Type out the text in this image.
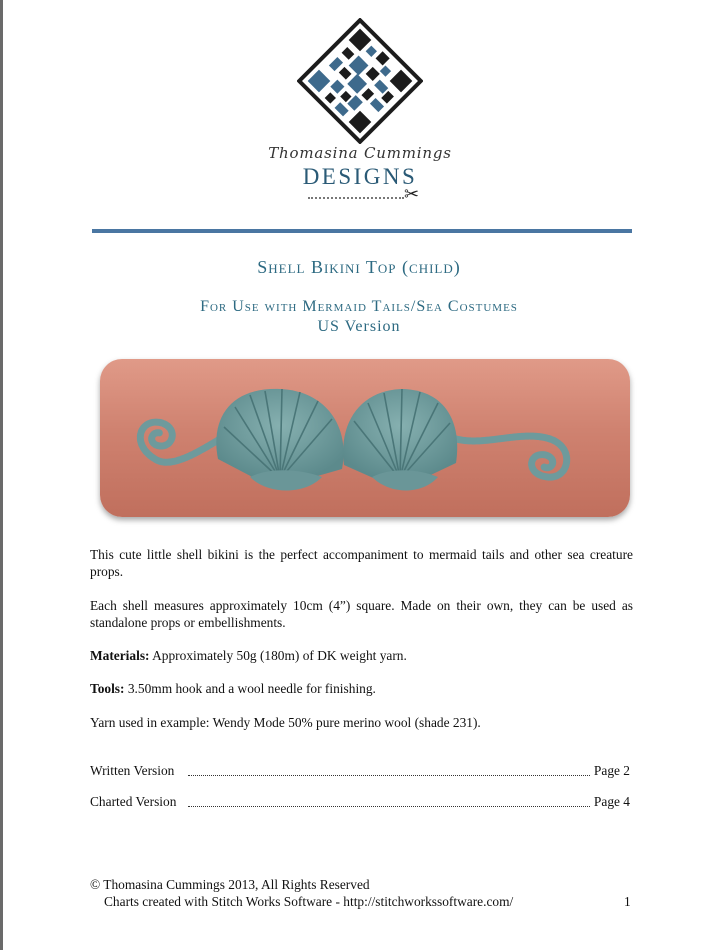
Thomasina Cummings
DESIGNS
✂
Shell Bikini Top (child)
For Use with Mermaid Tails/Sea Costumes
US Version

This cute little shell bikini is the perfect accompaniment to mermaid tails and other sea creature props.

Each shell measures approximately 10cm (4”) square. Made on their own, they can be used as standalone props or embellishments.

Materials: Approximately 50g (180m) of DK weight yarn.

Tools: 3.50mm hook and a wool needle for finishing.

Yarn used in example: Wendy Mode 50% pure merino wool (shade 231).

Written Version	Page 2
Charted Version	Page 4
© Thomasina Cummings 2013, All Rights Reserved
Charts created with Stitch Works Software - http://stitchworkssoftware.com/	1
